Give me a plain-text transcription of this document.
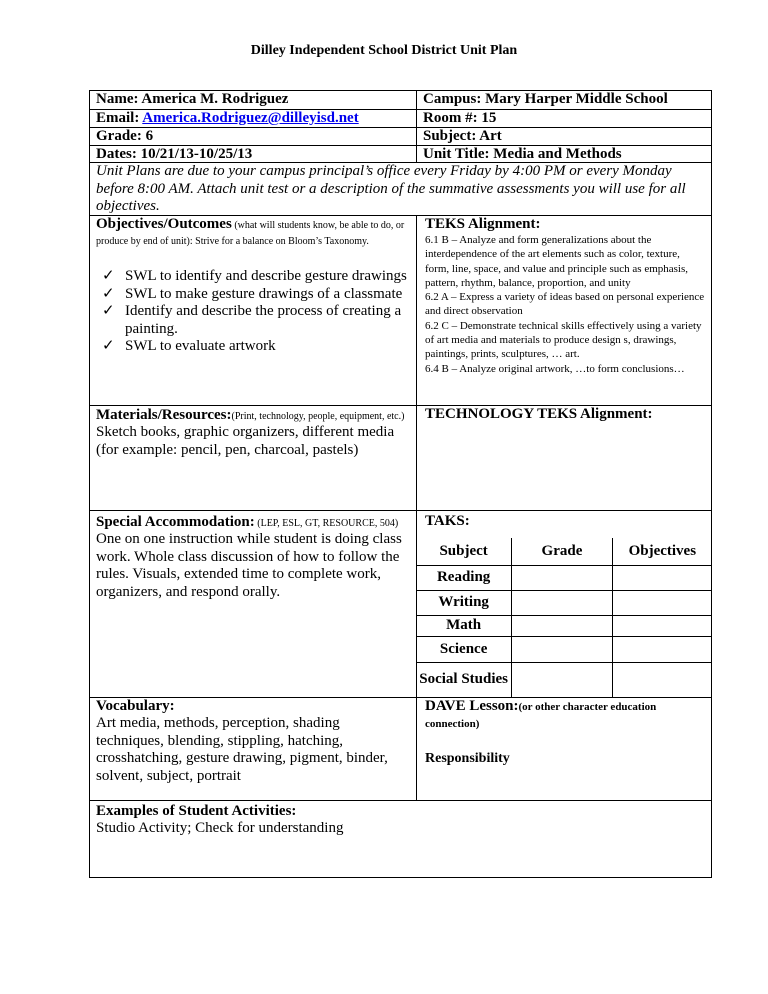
Dilley Independent School District Unit Plan
Name: America M. Rodriguez	Campus: Mary Harper Middle School
Email: America.Rodriguez@dilleyisd.net	Room #: 15
Grade: 6	Subject: Art
Dates: 10/21/13-10/25/13	Unit Title: Media and Methods
Unit Plans are due to your campus principal’s office every Friday by 4:00 PM or every Monday before 8:00 AM. Attach unit test or a description of the summative assessments you will use for all objectives.
Objectives/Outcomes (what will students know, be able to do, or produce by end of unit): Strive for a balance on Bloom’s Taxonomy.
✓ SWL to identify and describe gesture drawings
✓ SWL to make gesture drawings of a classmate
✓ Identify and describe the process of creating a painting.
✓ SWL to evaluate artwork
TEKS Alignment:
6.1 B – Analyze and form generalizations about the interdependence of the art elements such as color, texture, form, line, space, and value and principle such as emphasis, pattern, rhythm, balance, proportion, and unity
6.2 A – Express a variety of ideas based on personal experience and direct observation
6.2 C – Demonstrate technical skills effectively using a variety of art media and materials to produce design s, drawings, paintings, prints, sculptures, … art.
6.4 B – Analyze original artwork, …to form conclusions…
Materials/Resources:(Print, technology, people, equipment, etc.)
Sketch books, graphic organizers, different media (for example: pencil, pen, charcoal, pastels)
TECHNOLOGY TEKS Alignment:
Special Accommodation: (LEP, ESL, GT, RESOURCE, 504)
One on one instruction while student is doing class work. Whole class discussion of how to follow the rules. Visuals, extended time to complete work, organizers, and respond orally.
TAKS:
Subject	Grade	Objectives
Reading		
Writing		
Math		
Science		
Social Studies		
Vocabulary:
Art media, methods, perception, shading techniques, blending, stippling, hatching, crosshatching, gesture drawing, pigment, binder, solvent, subject, portrait
DAVE Lesson:(or other character education connection)
Responsibility
Examples of Student Activities:
Studio Activity; Check for understanding
